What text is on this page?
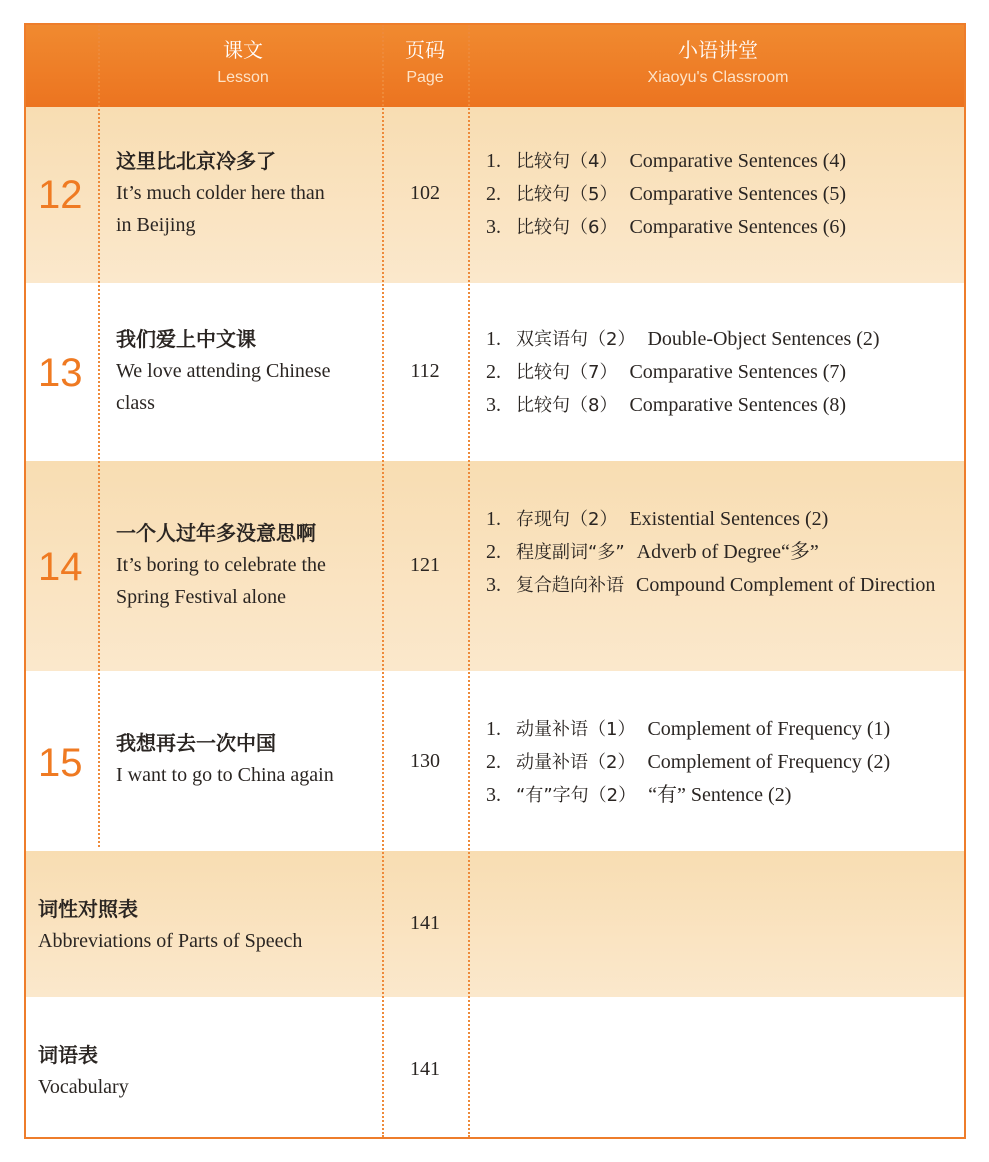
课文
Lesson
页码
Page
小语讲堂
Xiaoyu's Classroom
12
这里比北京冷多了
It’s much colder here than
in Beijing
102
1. 比较句（4） Comparative Sentences (4)
2. 比较句（5） Comparative Sentences (5)
3. 比较句（6） Comparative Sentences (6)
13
我们爱上中文课
We love attending Chinese
class
112
1. 双宾语句（2） Double-Object Sentences (2)
2. 比较句（7） Comparative Sentences (7)
3. 比较句（8） Comparative Sentences (8)
14
一个人过年多没意思啊
It’s boring to celebrate the
Spring Festival alone
121
1. 存现句（2） Existential Sentences (2)
2. 程度副词“多” Adverb of Degree“多”
3. 复合趋向补语 Compound Complement of Direction
15	我想再去一次中国
I want to go to China again
130
1. 动量补语（1） Complement of Frequency (1)
2. 动量补语（2） Complement of Frequency (2)
3. “有”字句（2） “有” Sentence (2)
词性对照表
Abbreviations of Parts of Speech
141
词语表
Vocabulary
141
